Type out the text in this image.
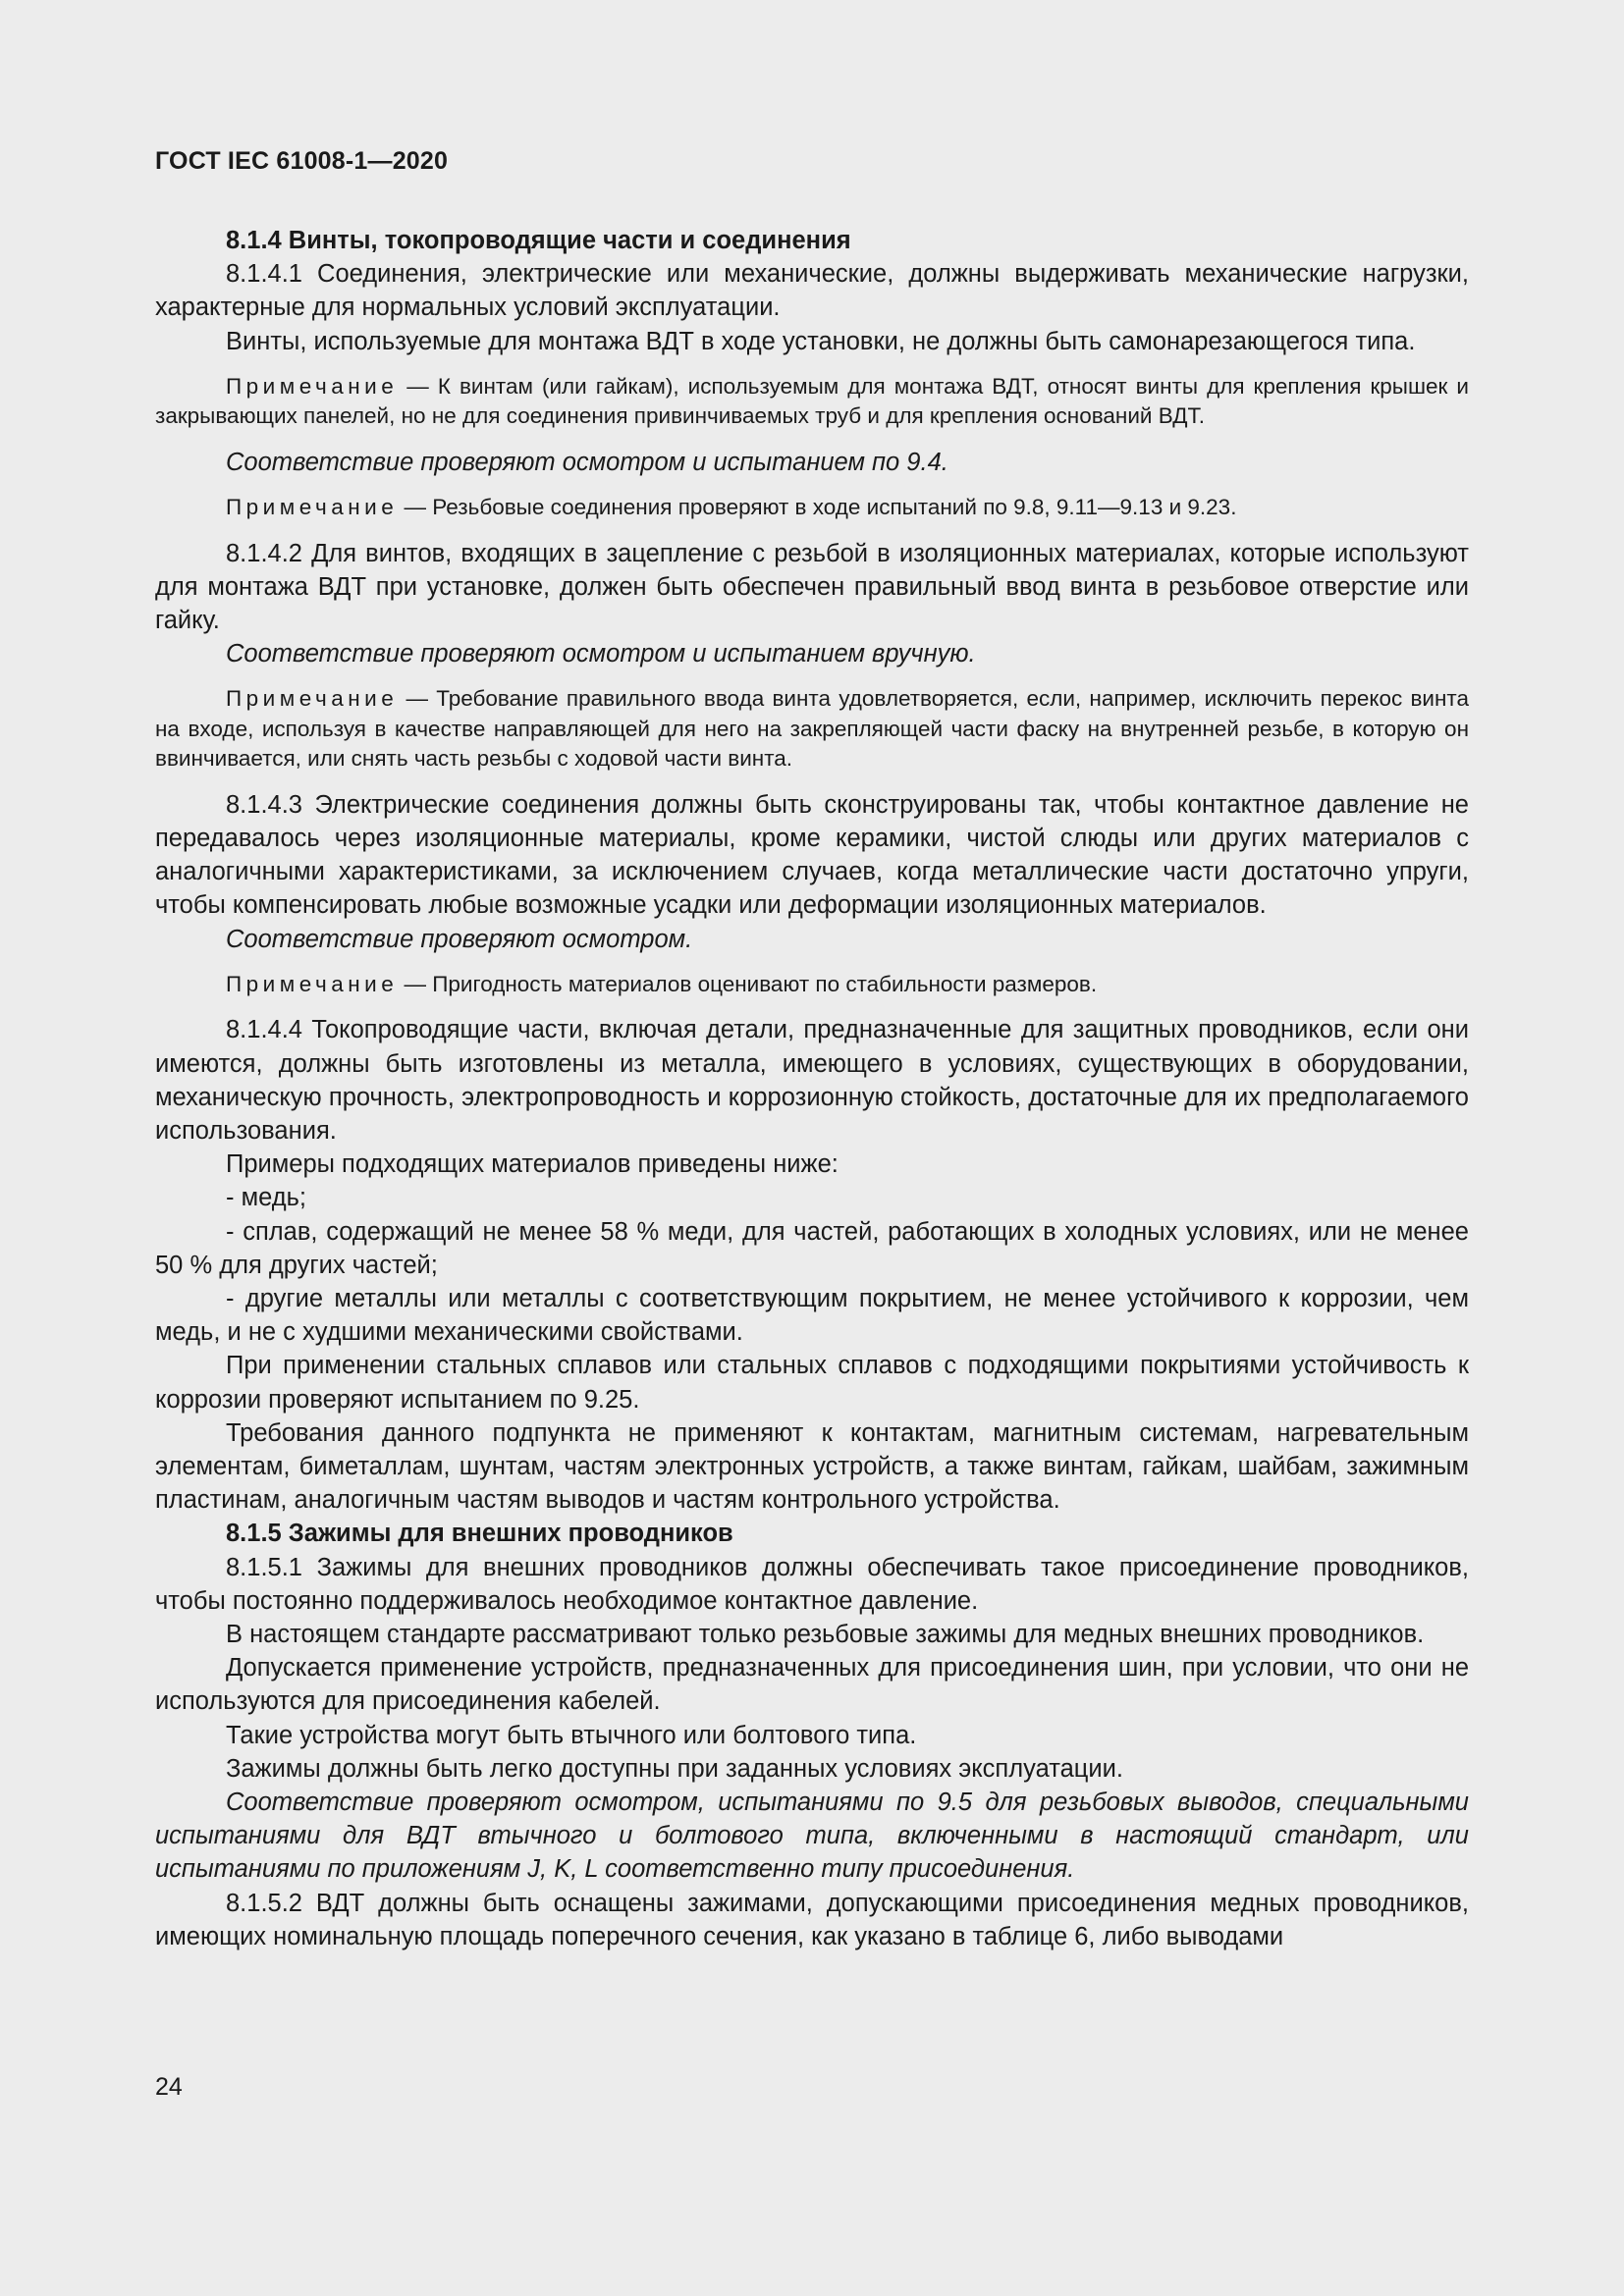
ГОСТ IEC 61008-1—2020

8.1.4 Винты, токопроводящие части и соединения

8.1.4.1 Соединения, электрические или механические, должны выдерживать механические нагрузки, характерные для нормальных условий эксплуатации.

Винты, используемые для монтажа ВДТ в ходе установки, не должны быть самонарезающегося типа.

Примечание — К винтам (или гайкам), используемым для монтажа ВДТ, относят винты для крепления крышек и закрывающих панелей, но не для соединения привинчиваемых труб и для крепления оснований ВДТ.

Соответствие проверяют осмотром и испытанием по 9.4.

Примечание — Резьбовые соединения проверяют в ходе испытаний по 9.8, 9.11—9.13 и 9.23.

8.1.4.2 Для винтов, входящих в зацепление с резьбой в изоляционных материалах, которые используют для монтажа ВДТ при установке, должен быть обеспечен правильный ввод винта в резьбовое отверстие или гайку.

Соответствие проверяют осмотром и испытанием вручную.

Примечание — Требование правильного ввода винта удовлетворяется, если, например, исключить перекос винта на входе, используя в качестве направляющей для него на закрепляющей части фаску на внутренней резьбе, в которую он ввинчивается, или снять часть резьбы с ходовой части винта.

8.1.4.3 Электрические соединения должны быть сконструированы так, чтобы контактное давление не передавалось через изоляционные материалы, кроме керамики, чистой слюды или других материалов с аналогичными характеристиками, за исключением случаев, когда металлические части достаточно упруги, чтобы компенсировать любые возможные усадки или деформации изоляционных материалов.

Соответствие проверяют осмотром.

Примечание — Пригодность материалов оценивают по стабильности размеров.

8.1.4.4 Токопроводящие части, включая детали, предназначенные для защитных проводников, если они имеются, должны быть изготовлены из металла, имеющего в условиях, существующих в оборудовании, механическую прочность, электропроводность и коррозионную стойкость, достаточные для их предполагаемого использования.

Примеры подходящих материалов приведены ниже:

- медь;

- сплав, содержащий не менее 58 % меди, для частей, работающих в холодных условиях, или не менее 50 % для других частей;

- другие металлы или металлы с соответствующим покрытием, не менее устойчивого к коррозии, чем медь, и не с худшими механическими свойствами.

При применении стальных сплавов или стальных сплавов с подходящими покрытиями устойчивость к коррозии проверяют испытанием по 9.25.

Требования данного подпункта не применяют к контактам, магнитным системам, нагревательным элементам, биметаллам, шунтам, частям электронных устройств, а также винтам, гайкам, шайбам, зажимным пластинам, аналогичным частям выводов и частям контрольного устройства.

8.1.5 Зажимы для внешних проводников

8.1.5.1 Зажимы для внешних проводников должны обеспечивать такое присоединение проводников, чтобы постоянно поддерживалось необходимое контактное давление.

В настоящем стандарте рассматривают только резьбовые зажимы для медных внешних проводников.

Допускается применение устройств, предназначенных для присоединения шин, при условии, что они не используются для присоединения кабелей.

Такие устройства могут быть втычного или болтового типа.

Зажимы должны быть легко доступны при заданных условиях эксплуатации.

Соответствие проверяют осмотром, испытаниями по 9.5 для резьбовых выводов, специальными испытаниями для ВДТ втычного и болтового типа, включенными в настоящий стандарт, или испытаниями по приложениям J, K, L соответственно типу присоединения.

8.1.5.2 ВДТ должны быть оснащены зажимами, допускающими присоединения медных проводников, имеющих номинальную площадь поперечного сечения, как указано в таблице 6, либо выводами

24
